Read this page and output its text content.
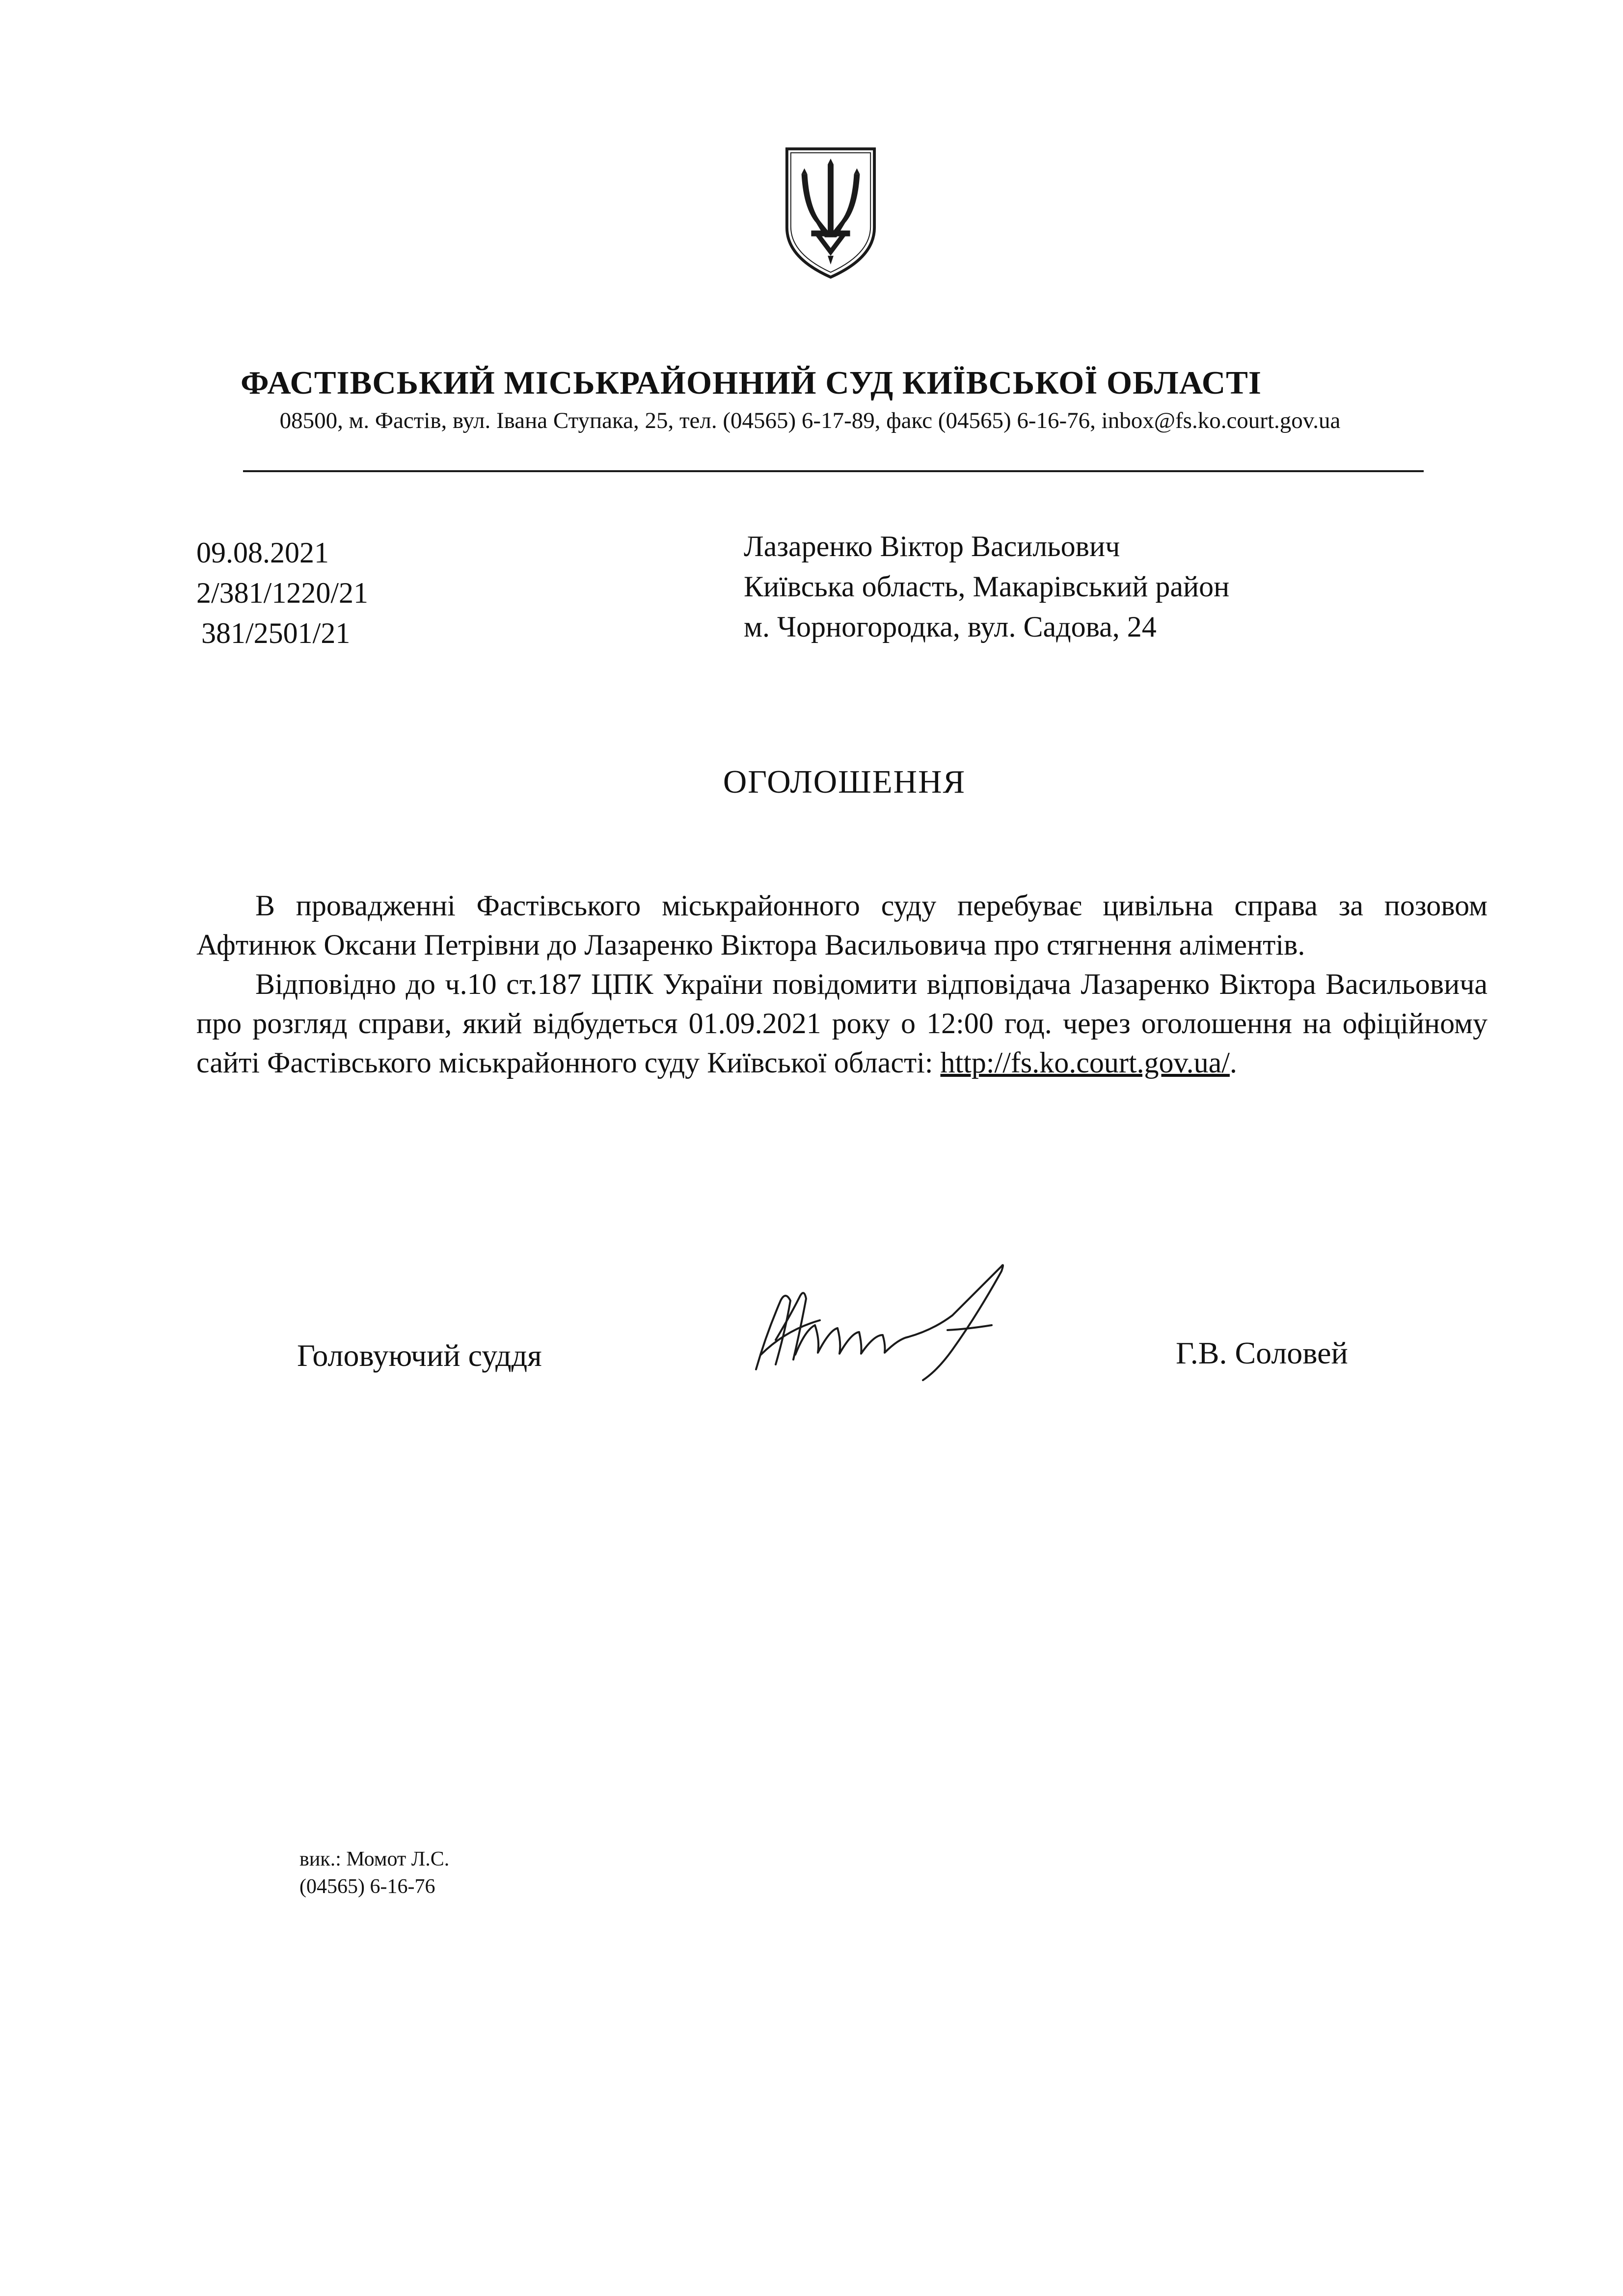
ФАСТІВСЬКИЙ МІСЬКРАЙОННИЙ СУД КИЇВСЬКОЇ ОБЛАСТІ
08500, м. Фастів, вул. Івана Ступака, 25, тел. (04565) 6-17-89, факс (04565) 6-16-76, inbox@fs.ko.court.gov.ua
09.08.2021
2/381/1220/21
381/2501/21
Лазаренко Віктор Васильович
Київська область, Макарівський район
м. Чорногородка, вул. Садова, 24
ОГОЛОШЕННЯ

В провадженні Фастівського міськрайонного суду перебуває цивільна справа за позовом Афтинюк Оксани Петрівни до Лазаренко Віктора Васильовича про стягнення аліментів.

Відповідно до ч.10 ст.187 ЦПК України повідомити відповідача Лазаренко Віктора Васильовича про розгляд справи, який відбудеться 01.09.2021 року о 12:00 год. через оголошення на офіційному сайті Фастівського міськрайонного суду Київської області: http://fs.ko.court.gov.ua/.

Головуючий суддя	Г.В. Соловей
вик.: Момот Л.С.
(04565) 6-16-76
